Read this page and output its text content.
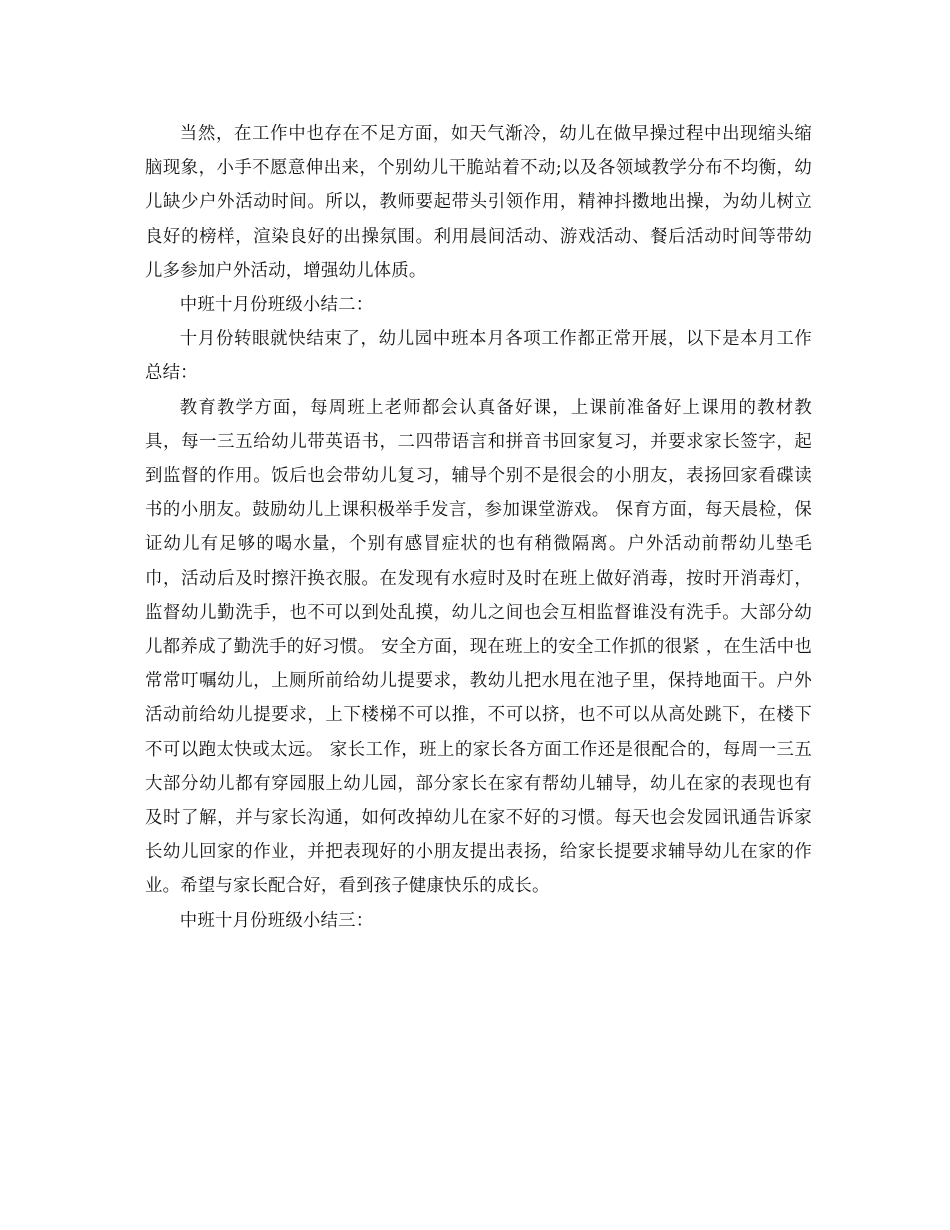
当然，在工作中也存在不足方面，如天气渐冷，幼儿在做早操过程中出现缩头缩脑现象，小手不愿意伸出来，个别幼儿干脆站着不动;以及各领域教学分布不均衡，幼儿缺少户外活动时间。所以，教师要起带头引领作用，精神抖擞地出操，为幼儿树立良好的榜样，渲染良好的出操氛围。利用晨间活动、游戏活动、餐后活动时间等带幼儿多参加户外活动，增强幼儿体质。

中班十月份班级小结二：

十月份转眼就快结束了，幼儿园中班本月各项工作都正常开展，以下是本月工作总结：

教育教学方面，每周班上老师都会认真备好课，上课前准备好上课用的教材教具，每一三五给幼儿带英语书，二四带语言和拼音书回家复习，并要求家长签字，起到监督的作用。饭后也会带幼儿复习，辅导个别不是很会的小朋友，表扬回家看碟读书的小朋友。鼓励幼儿上课积极举手发言，参加课堂游戏。 保育方面，每天晨检，保证幼儿有足够的喝水量，个别有感冒症状的也有稍微隔离。户外活动前帮幼儿垫毛巾，活动后及时擦汗换衣服。在发现有水痘时及时在班上做好消毒，按时开消毒灯，监督幼儿勤洗手，也不可以到处乱摸，幼儿之间也会互相监督谁没有洗手。大部分幼儿都养成了勤洗手的好习惯。 安全方面，现在班上的安全工作抓的很紧 ，在生活中也常常叮嘱幼儿，上厕所前给幼儿提要求，教幼儿把水甩在池子里，保持地面干。户外活动前给幼儿提要求，上下楼梯不可以推，不可以挤，也不可以从高处跳下，在楼下不可以跑太快或太远。 家长工作，班上的家长各方面工作还是很配合的，每周一三五大部分幼儿都有穿园服上幼儿园，部分家长在家有帮幼儿辅导，幼儿在家的表现也有及时了解，并与家长沟通，如何改掉幼儿在家不好的习惯。每天也会发园讯通告诉家长幼儿回家的作业，并把表现好的小朋友提出表扬，给家长提要求辅导幼儿在家的作业。希望与家长配合好，看到孩子健康快乐的成长。

中班十月份班级小结三：
